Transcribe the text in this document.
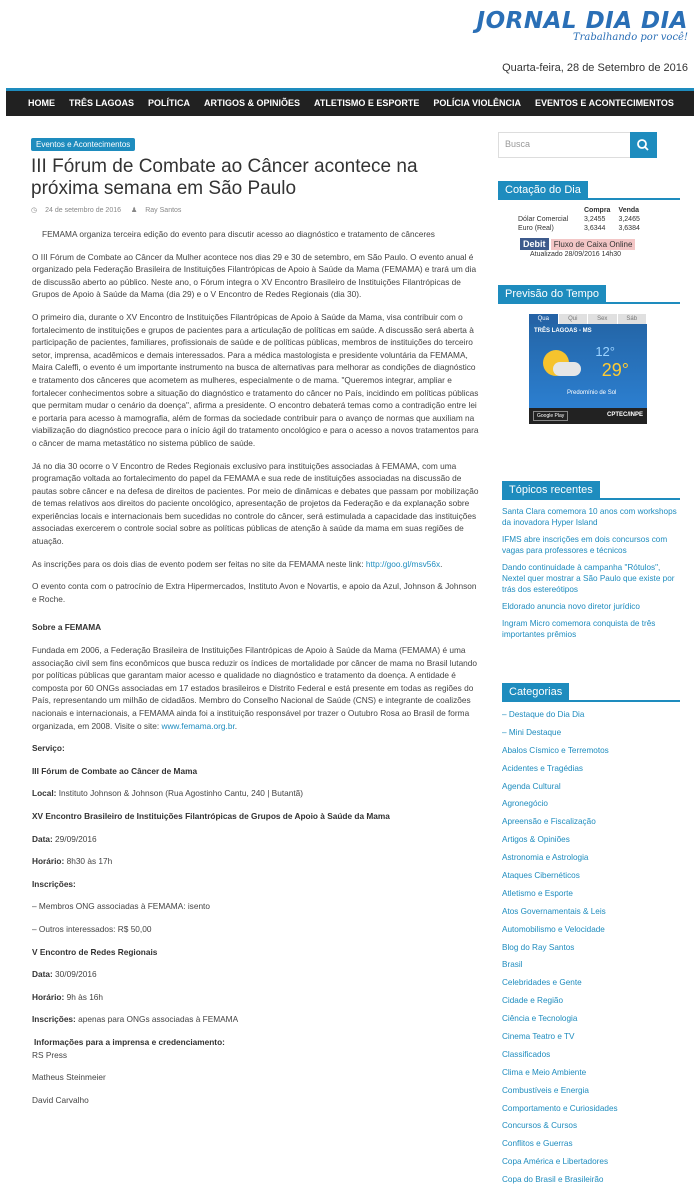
JORNAL DIA DIA
Trabalhando por você!
Quarta-feira, 28 de Setembro de 2016
HOME	TRÊS LAGOAS	POLÍTICA	ARTIGOS & OPINIÕES	ATLETISMO E ESPORTE	POLÍCIA VIOLÊNCIA	EVENTOS E ACONTECIMENTOS
Eventos e Acontecimentos
III Fórum de Combate ao Câncer acontece na próxima semana em São Paulo
◷ 24 de setembro de 2016 ♟ Ray Santos

FEMAMA organiza terceira edição do evento para discutir acesso ao diagnóstico e tratamento de cânceres

O III Fórum de Combate ao Câncer da Mulher acontece nos dias 29 e 30 de setembro, em São Paulo. O evento anual é organizado pela Federação Brasileira de Instituições Filantrópicas de Apoio à Saúde da Mama (FEMAMA) e trará um dia de discussão aberto ao público. Neste ano, o Fórum integra o XV Encontro Brasileiro de Instituições Filantrópicas de Grupos de Apoio à Saúde da Mama (dia 29) e o V Encontro de Redes Regionais (dia 30).

O primeiro dia, durante o XV Encontro de Instituições Filantrópicas de Apoio à Saúde da Mama, visa contribuir com o fortalecimento de instituições e grupos de pacientes para a articulação de políticas em saúde. A discussão será aberta à participação de pacientes, familiares, profissionais de saúde e de políticas públicas, membros de instituições do terceiro setor, imprensa, acadêmicos e demais interessados. Para a médica mastologista e presidente voluntária da FEMAMA, Maira Caleffi, o evento é um importante instrumento na busca de alternativas para melhorar as condições de diagnóstico e tratamento dos cânceres que acometem as mulheres, especialmente o de mama. "Queremos integrar, ampliar e fortalecer conhecimentos sobre a situação do diagnóstico e tratamento do câncer no País, incidindo em políticas públicas que permitam mudar o cenário da doença", afirma a presidente. O encontro debaterá temas como a contradição entre lei e portaria para acesso à mamografia, além de formas da sociedade contribuir para o avanço de normas que auxiliam na viabilização do diagnóstico precoce para o início ágil do tratamento oncológico e para o acesso a novos tratamentos para o câncer de mama metastático no sistema público de saúde.

Já no dia 30 ocorre o V Encontro de Redes Regionais exclusivo para instituições associadas à FEMAMA, com uma programação voltada ao fortalecimento do papel da FEMAMA e sua rede de instituições associadas na discussão de pautas sobre câncer e na defesa de direitos de pacientes. Por meio de dinâmicas e debates que passam por mobilização de temas relativos aos direitos do paciente oncológico, apresentação de projetos da Federação e da explanação sobre experiências locais e internacionais bem sucedidas no controle do câncer, será estimulada a capacidade das instituições associadas exercerem o controle social sobre as políticas públicas de atenção à saúde da mama em suas regiões de atuação.

As inscrições para os dois dias de evento podem ser feitas no site da FEMAMA neste link: http://goo.gl/msv56x.

O evento conta com o patrocínio de Extra Hipermercados, Instituto Avon e Novartis, e apoio da Azul, Johnson & Johnson e Roche.

Sobre a FEMAMA

Fundada em 2006, a Federação Brasileira de Instituições Filantrópicas de Apoio à Saúde da Mama (FEMAMA) é uma associação civil sem fins econômicos que busca reduzir os índices de mortalidade por câncer de mama no Brasil lutando por políticas públicas que garantam maior acesso e qualidade no diagnóstico e tratamento da doença. A entidade é composta por 60 ONGs associadas em 17 estados brasileiros e Distrito Federal e está presente em todas as regiões do País, representando um milhão de cidadãos. Membro do Conselho Nacional de Saúde (CNS) e integrante de coalizões nacionais e internacionais, a FEMAMA ainda foi a instituição responsável por trazer o Outubro Rosa ao Brasil de forma organizada, em 2008. Visite o site: www.femama.org.br.

Serviço:

III Fórum de Combate ao Câncer de Mama

Local: Instituto Johnson & Johnson (Rua Agostinho Cantu, 240 | Butantã)

XV Encontro Brasileiro de Instituições Filantrópicas de Grupos de Apoio à Saúde da Mama

Data: 29/09/2016

Horário: 8h30 às 17h

Inscrições:

– Membros ONG associadas à FEMAMA: isento

– Outros interessados: R$ 50,00

V Encontro de Redes Regionais

Data: 30/09/2016

Horário: 9h às 16h

Inscrições: apenas para ONGs associadas à FEMAMA

Informações para a imprensa e credenciamento:

RS Press

Matheus Steinmeier

David Carvalho

Busca
Cotação do Dia
	Compra	Venda
Dólar Comercial	3,2455	3,2465
Euro (Real)	3,6344	3,6384
Debit Fluxo de Caixa Online
Atualizado 28/09/2016 14h30
Previsão do Tempo
Qua	Qui	Sex	Sáb
TRÊS LAGOAS - MS
12°
29°
Predomínio de Sol
Google Play	CPTEC/INPE
Tópicos recentes
Santa Clara comemora 10 anos com workshops da inovadora Hyper Island
IFMS abre inscrições em dois concursos com vagas para professores e técnicos
Dando continuidade à campanha "Rótulos", Nextel quer mostrar a São Paulo que existe por trás dos estereótipos
Eldorado anuncia novo diretor jurídico
Ingram Micro comemora conquista de três importantes prêmios
Categorias
– Destaque do Dia Dia
– Mini Destaque
Abalos Císmico e Terremotos
Acidentes e Tragédias
Agenda Cultural
Agronegócio
Apreensão e Fiscalização
Artigos & Opiniões
Astronomia e Astrologia
Ataques Cibernéticos
Atletismo e Esporte
Atos Governamentais & Leis
Automobilismo e Velocidade
Blog do Ray Santos
Brasil
Celebridades e Gente
Cidade e Região
Ciência e Tecnologia
Cinema Teatro e TV
Classificados
Clima e Meio Ambiente
Combustíveis e Energia
Comportamento e Curiosidades
Concursos & Cursos
Conflitos e Guerras
Copa América e Libertadores
Copa do Brasil e Brasileirão
